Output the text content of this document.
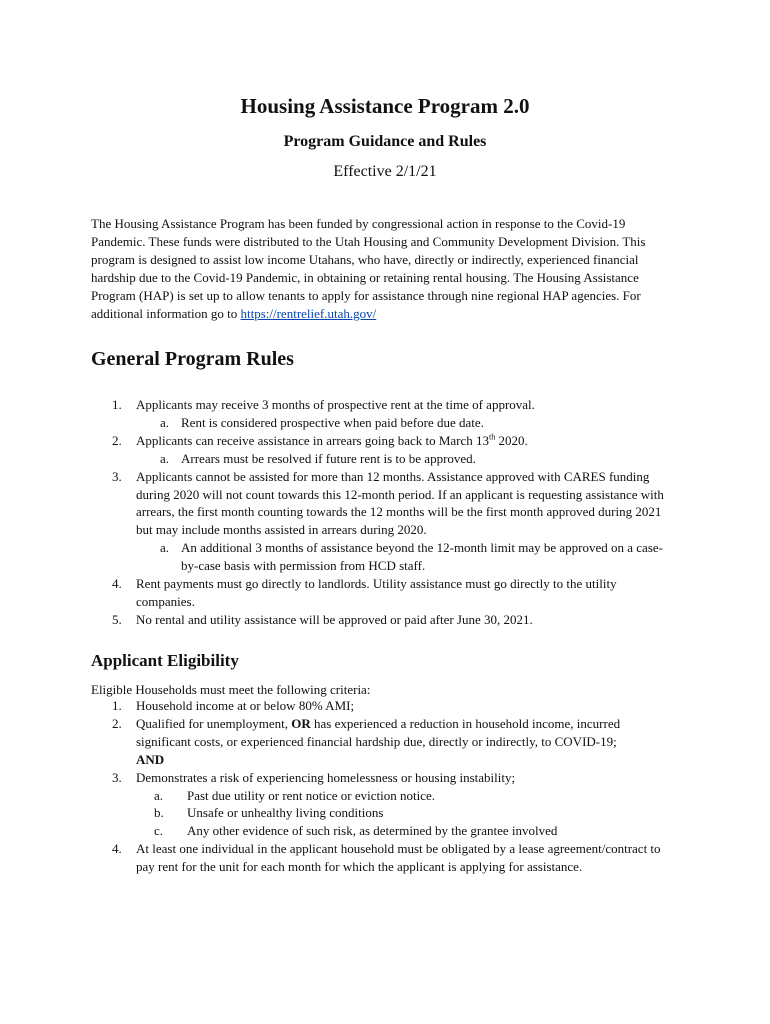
Housing Assistance Program 2.0
Program Guidance and Rules

Effective 2/1/21

The Housing Assistance Program has been funded by congressional action in response to the Covid-19 Pandemic. These funds were distributed to the Utah Housing and Community Development Division. This program is designed to assist low income Utahans, who have, directly or indirectly, experienced financial hardship due to the Covid-19 Pandemic, in obtaining or retaining rental housing. The Housing Assistance Program (HAP) is set up to allow tenants to apply for assistance through nine regional HAP agencies. For additional information go to https://rentrelief.utah.gov/

General Program Rules
1. Applicants may receive 3 months of prospective rent at the time of approval.
a. Rent is considered prospective when paid before due date.
2. Applicants can receive assistance in arrears going back to March 13th 2020.
a. Arrears must be resolved if future rent is to be approved.
3. Applicants cannot be assisted for more than 12 months. Assistance approved with CARES funding during 2020 will not count towards this 12-month period. If an applicant is requesting assistance with arrears, the first month counting towards the 12 months will be the first month approved during 2021 but may include months assisted in arrears during 2020.
a. An additional 3 months of assistance beyond the 12-month limit may be approved on a case-by-case basis with permission from HCD staff.
4. Rent payments must go directly to landlords. Utility assistance must go directly to the utility companies.
5. No rental and utility assistance will be approved or paid after June 30, 2021.
Applicant Eligibility

Eligible Households must meet the following criteria:

1. Household income at or below 80% AMI;
2. Qualified for unemployment, OR has experienced a reduction in household income, incurred significant costs, or experienced financial hardship due, directly or indirectly, to COVID-19;
AND
3. Demonstrates a risk of experiencing homelessness or housing instability;
a. Past due utility or rent notice or eviction notice.
b. Unsafe or unhealthy living conditions
c. Any other evidence of such risk, as determined by the grantee involved
4. At least one individual in the applicant household must be obligated by a lease agreement/contract to pay rent for the unit for each month for which the applicant is applying for assistance.
